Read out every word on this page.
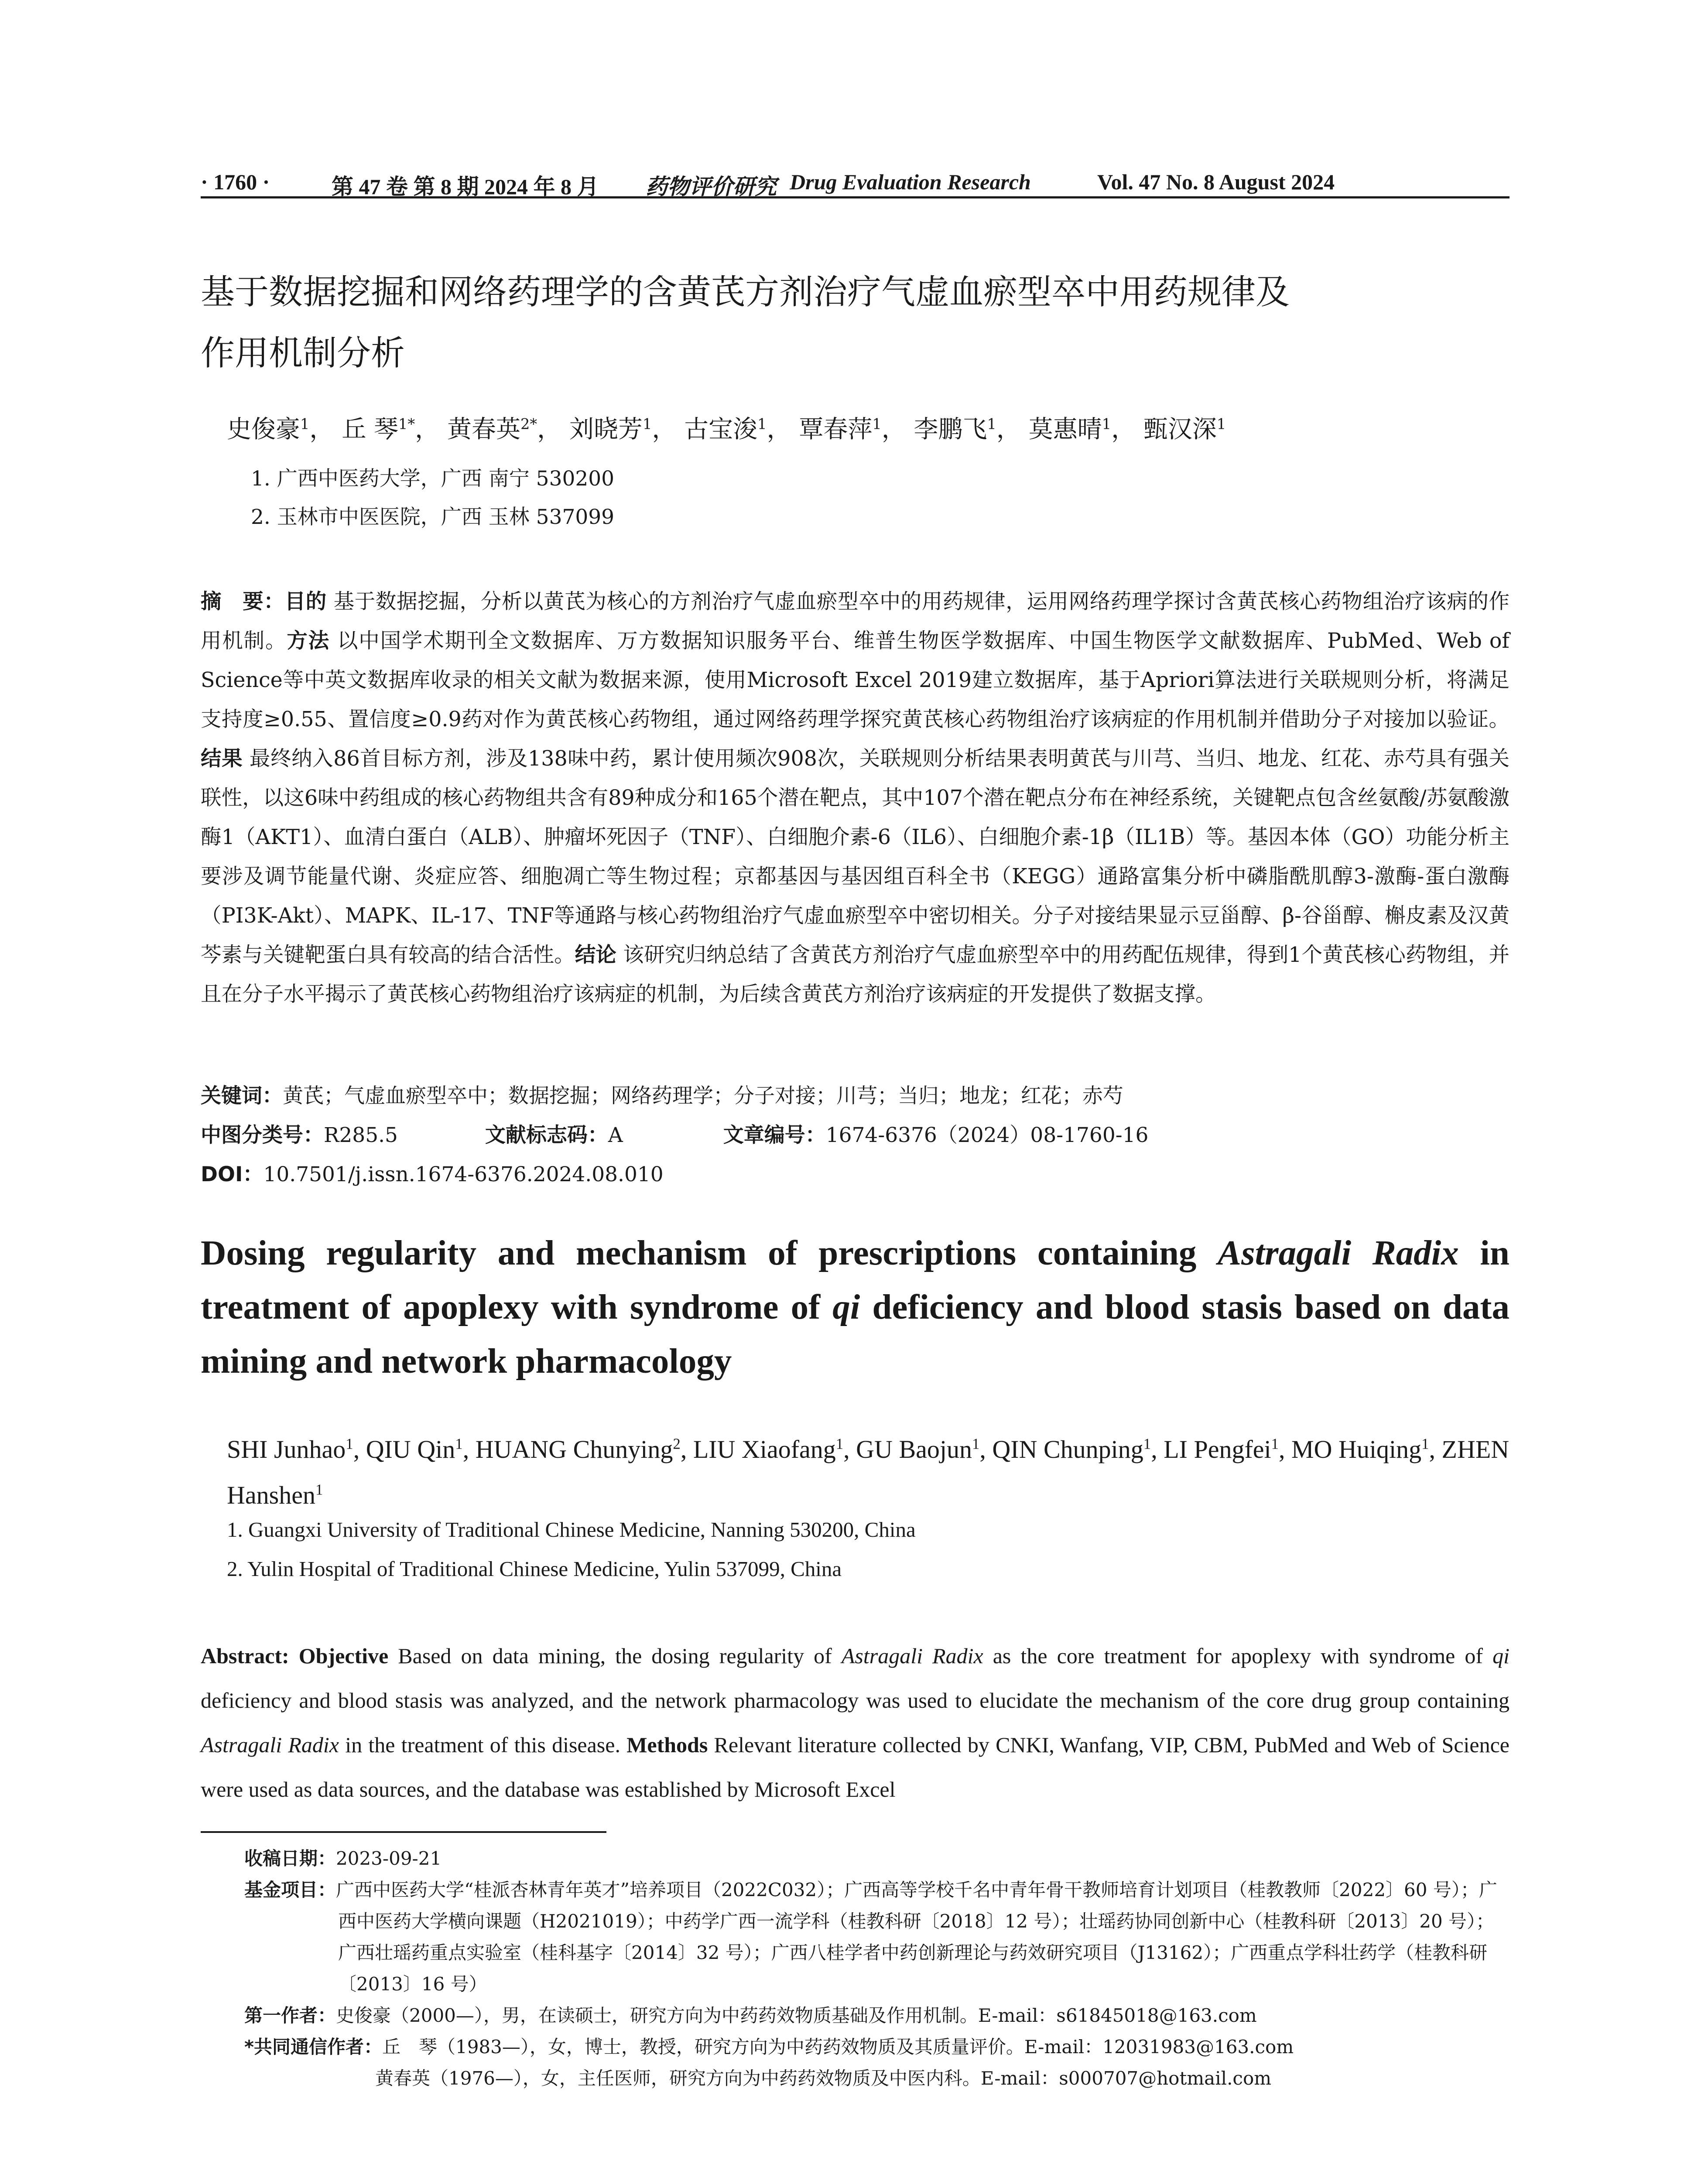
· 1760 ·	第 47 卷 第 8 期 2024 年 8 月 药物评价研究 Drug Evaluation Research	Vol. 47 No. 8 August 2024
基于数据挖掘和网络药理学的含黄芪方剂治疗气虚血瘀型卒中用药规律及
作用机制分析
史俊豪$^1$， 丘 琴$^{1*}$， 黄春英$^{2*}$， 刘晓芳$^1$， 古宝浚$^1$， 覃春萍$^1$， 李鹏飞$^1$， 莫惠晴$^1$， 甄汉深$^1$
1. 广西中医药大学，广西 南宁 530200
2. 玉林市中医医院，广西 玉林 537099
摘　要：目的 基于数据挖掘，分析以黄芪为核心的方剂治疗气虚血瘀型卒中的用药规律，运用网络药理学探讨含黄芪核心药物组治疗该病的作用机制。方法 以中国学术期刊全文数据库、万方数据知识服务平台、维普生物医学数据库、中国生物医学文献数据库、PubMed、Web of Science等中英文数据库收录的相关文献为数据来源，使用Microsoft Excel 2019建立数据库，基于Apriori算法进行关联规则分析，将满足支持度≥0.55、置信度≥0.9药对作为黄芪核心药物组，通过网络药理学探究黄芪核心药物组治疗该病症的作用机制并借助分子对接加以验证。结果 最终纳入86首目标方剂，涉及138味中药，累计使用频次908次，关联规则分析结果表明黄芪与川芎、当归、地龙、红花、赤芍具有强关联性，以这6味中药组成的核心药物组共含有89种成分和165个潜在靶点，其中107个潜在靶点分布在神经系统，关键靶点包含丝氨酸/苏氨酸激酶1（AKT1）、血清白蛋白（ALB）、肿瘤坏死因子（TNF）、白细胞介素-6（IL6）、白细胞介素-1β（IL1B）等。基因本体（GO）功能分析主要涉及调节能量代谢、炎症应答、细胞凋亡等生物过程；京都基因与基因组百科全书（KEGG）通路富集分析中磷脂酰肌醇3-激酶-蛋白激酶（PI3K-Akt）、MAPK、IL-17、TNF等通路与核心药物组治疗气虚血瘀型卒中密切相关。分子对接结果显示豆甾醇、β-谷甾醇、槲皮素及汉黄芩素与关键靶蛋白具有较高的结合活性。结论 该研究归纳总结了含黄芪方剂治疗气虚血瘀型卒中的用药配伍规律，得到1个黄芪核心药物组，并且在分子水平揭示了黄芪核心药物组治疗该病症的机制，为后续含黄芪方剂治疗该病症的开发提供了数据支撑。
关键词：黄芪；气虚血瘀型卒中；数据挖掘；网络药理学；分子对接；川芎；当归；地龙；红花；赤芍
中图分类号：R285.5	文献标志码：A	文章编号：1674-6376（2024）08-1760-16
DOI：10.7501/j.issn.1674-6376.2024.08.010
Dosing regularity and mechanism of prescriptions containing Astragali Radix in treatment of apoplexy with syndrome of qi deficiency and blood stasis based on data mining and network pharmacology
SHI Junhao$^1$, QIU Qin$^1$, HUANG Chunying$^2$, LIU Xiaofang$^1$, GU Baojun$^1$, QIN Chunping$^1$, LI Pengfei$^1$, MO Huiqing$^1$, ZHEN Hanshen$^1$
1. Guangxi University of Traditional Chinese Medicine, Nanning 530200, China
2. Yulin Hospital of Traditional Chinese Medicine, Yulin 537099, China
Abstract: Objective Based on data mining, the dosing regularity of Astragali Radix as the core treatment for apoplexy with syndrome of qi deficiency and blood stasis was analyzed, and the network pharmacology was used to elucidate the mechanism of the core drug group containing Astragali Radix in the treatment of this disease. Methods Relevant literature collected by CNKI, Wanfang, VIP, CBM, PubMed and Web of Science were used as data sources, and the database was established by Microsoft Excel
收稿日期：2023-09-21
基金项目：广西中医药大学“桂派杏林青年英才”培养项目（2022C032）；广西高等学校千名中青年骨干教师培育计划项目（桂教教师〔2022〕60 号）；广西中医药大学横向课题（H2021019）；中药学广西一流学科（桂教科研〔2018〕12 号）；壮瑶药协同创新中心（桂教科研〔2013〕20 号）；广西壮瑶药重点实验室（桂科基字〔2014〕32 号）；广西八桂学者中药创新理论与药效研究项目（J13162）；广西重点学科壮药学（桂教科研〔2013〕16 号）
第一作者：史俊豪（2000—），男，在读硕士，研究方向为中药药效物质基础及作用机制。E-mail：s61845018@163.com
*共同通信作者：丘　琴（1983—），女，博士，教授，研究方向为中药药效物质及其质量评价。E-mail：12031983@163.com
黄春英（1976—），女，主任医师，研究方向为中药药效物质及中医内科。E-mail：s000707@hotmail.com
